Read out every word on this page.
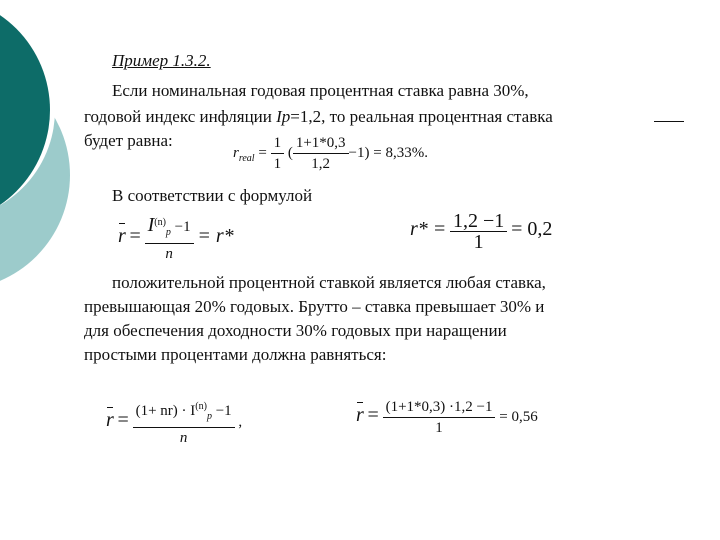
Пример 1.3.2.
Если номинальная годовая процентная ставка равна 30%,
годовой индекс инфляции Ip=1,2, то реальная процентная ставка
будет равна:
$r_{real} = \frac{1}{1}$ ( $\frac{1+1*0,3}{1,2} -1) = 8,33\%$.
В соответствии с формулой
$r = \frac{I^{(n)}_p -1}{n} = r*$	$r* = \frac{1,2 -1}{1} = 0,2$
положительной процентной ставкой является любая ставка,
превышающая 20% годовых. Брутто – ставка превышает 30% и
для обеспечения доходности 30% годовых при наращении
простыми процентами должна равняться:
$r = \frac{(1+ nr) \cdot I^{(n)}_p -1}{n}$ ,	$r = \frac{(1+1*0,3) \cdot 1,2 -1}{1} = 0,56$
